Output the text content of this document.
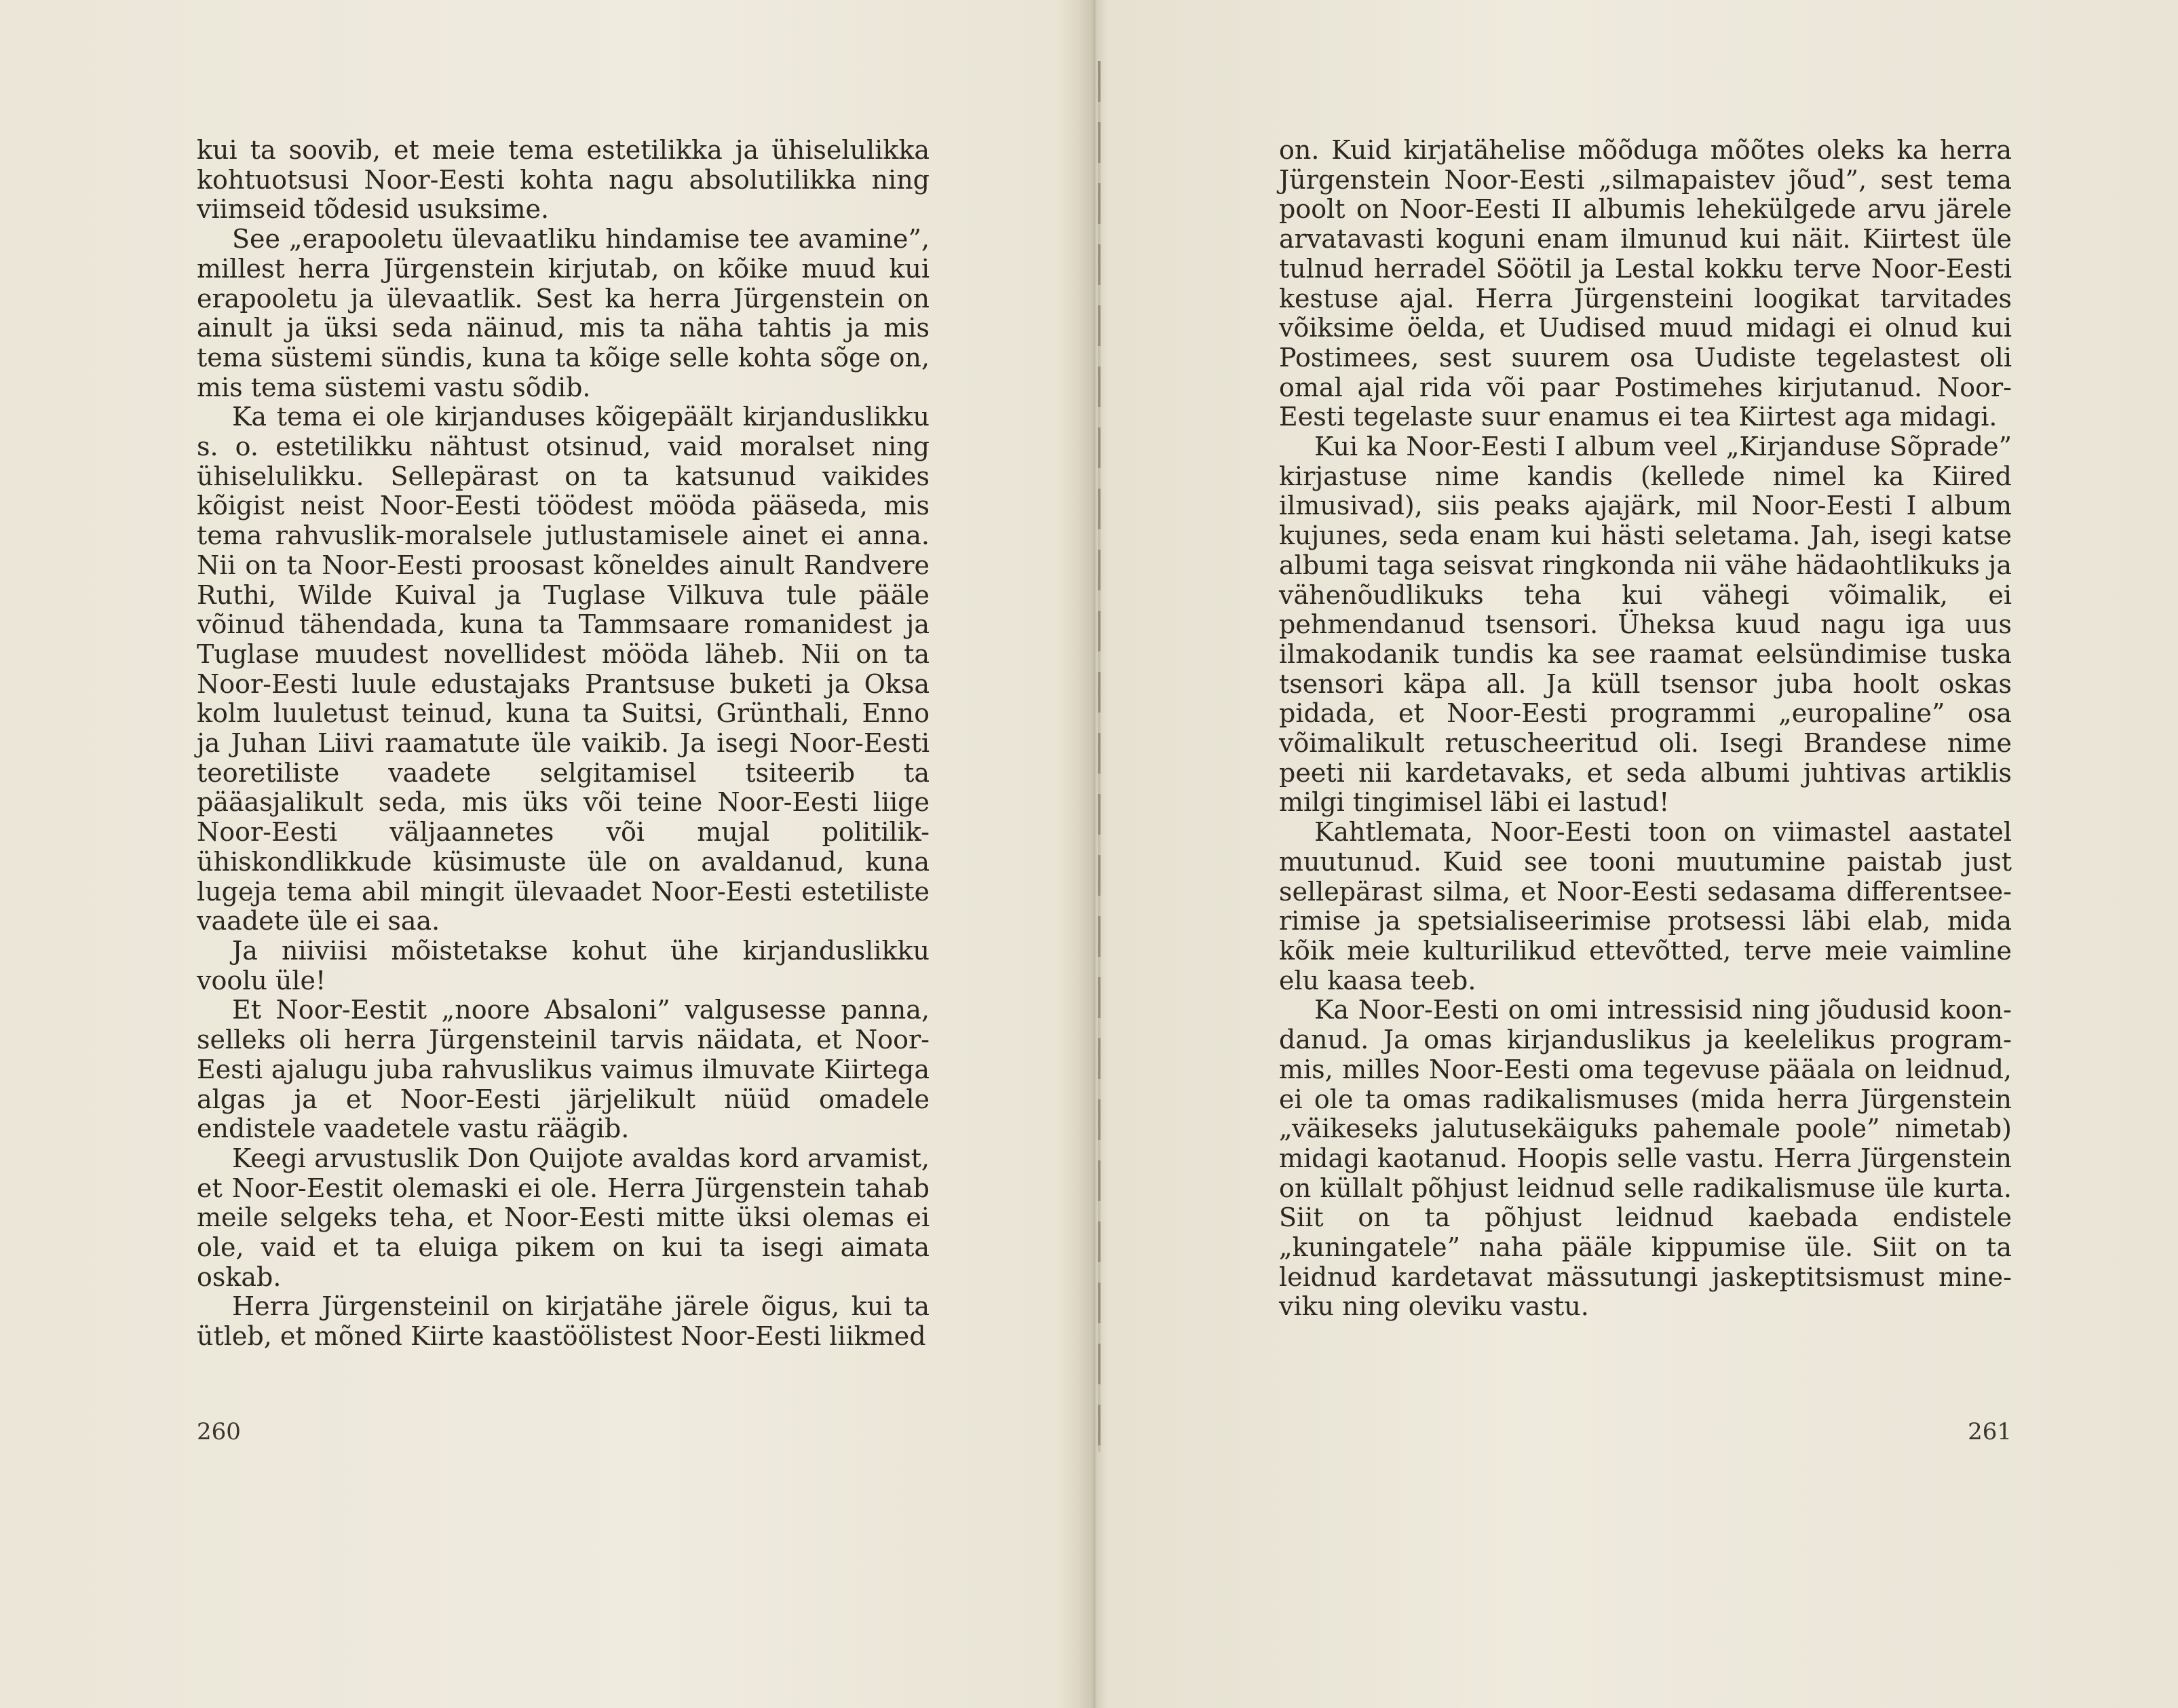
kui ta soovib, et meie tema estetilikka ja ühiseluli​kka kohtuotsusi Noor-Eesti kohta nagu absolutilikka ning viimseid tõdesid usuksime.

See „erapooletu ülevaatliku hindamise tee avamine”, millest herra Jürgenstein kirjutab, on kõike muud kui erapooletu ja ülevaatlik. Sest ka herra Jürgenstein on ainult ja üksi seda näinud, mis ta näha tahtis ja mis tema süstemi sündis, kuna ta kõige selle kohta sõge on, mis tema süstemi vastu sõdib.

Ka tema ei ole kirjanduses kõigepäält kirjanduslikku s. o. estetilikku nähtust otsinud, vaid moralset ning ühiselulikku. Sellepärast on ta katsunud vaikides kõigist neist Noor-Eesti töödest mööda pääseda, mis tema rahvuslik-moralsele jutlustamisele ainet ei anna. Nii on ta Noor-Eesti proosast kõneldes ainult Randvere Ruthi, Wilde Kuival ja Tuglase Vilkuva tule pääle võinud tähendada, kuna ta Tammsaare romanidest ja Tuglase muudest novellidest mööda läheb. Nii on ta Noor-Eesti luule edustajaks Prantsuse buketi ja Oksa kolm luuletust teinud, kuna ta Suitsi, Grünthali, Enno ja Juhan Liivi raamatute üle vaikib. Ja isegi Noor-Eesti teoretiliste vaadete selgitamisel tsiteerib ta pääasjalikult seda, mis üks või teine Noor-Eesti liige Noor-Eesti väljaannetes või mujal politilik-ühiskondlikkude küsimuste üle on avaldanud, kuna lugeja tema abil mingit ülevaadet Noor-Eesti estetiliste vaadete üle ei saa.

Ja niiviisi mõistetakse kohut ühe kirjanduslikku voolu üle!

Et Noor-Eestit „noore Absaloni” valgusesse panna, selleks oli herra Jürgensteinil tarvis näidata, et Noor-Eesti ajalugu juba rahvuslikus vaimus ilmuvate Kiirtega algas ja et Noor-Eesti järjelikult nüüd omadele endistele vaadetele vastu räägib.

Keegi arvustuslik Don Quijote avaldas kord arvamist, et Noor-Eestit olemaski ei ole. Herra Jürgenstein tahab meile selgeks teha, et Noor-Eesti mitte üksi olemas ei ole, vaid et ta eluiga pikem on kui ta isegi aimata oskab.

Herra Jürgensteinil on kirjatähe järele õigus, kui ta ütleb, et mõned Kiirte kaastöölistest Noor-Eesti liikmed

260

on. Kuid kirjatähelise mõõduga mõõtes oleks ka herra Jürgenstein Noor-Eesti „silmapaistev jõud”, sest tema poolt on Noor-Eesti II albumis lehekülgede arvu järele arvatavasti koguni enam ilmunud kui näit. Kiirtest üle tulnud herradel Söötil ja Lestal kokku terve Noor-Eesti kestuse ajal. Herra Jürgensteini loogikat tarvitades võiksime öelda, et Uudised muud midagi ei olnud kui Postimees, sest suurem osa Uudiste tegelastest oli omal ajal rida või paar Postimehes kirjutanud. Noor-Eesti tegelaste suur enamus ei tea Kiirtest aga midagi.

Kui ka Noor-Eesti I album veel „Kirjanduse Sõprade” kirjastuse nime kandis (kellede nimel ka Kiired ilmusivad), siis peaks ajajärk, mil Noor-Eesti I album kujunes, seda enam kui hästi seletama. Jah, isegi katse albumi taga seisvat ringkonda nii vähe hädaohtlikuks ja vähenõudlikuks teha kui vähegi võimalik, ei pehmendanud tsensori. Üheksa kuud nagu iga uus ilmakodanik tundis ka see raamat eelsündimise tuska tsensori käpa all. Ja küll tsensor juba hoolt oskas pidada, et Noor-Eesti programmi „europaline” osa võimalikult retuscheeritud oli. Isegi Brandese nime peeti nii kardetavaks, et seda albumi juhtivas artiklis milgi tingimisel läbi ei lastud!

Kahtlemata, Noor-Eesti toon on viimastel aastatel muutunud. Kuid see tooni muutumine paistab just sellepärast silma, et Noor-Eesti sedasama differentseerimise ja spetsialiseerimise protsessi läbi elab, mida kõik meie kulturilikud ettevõtted, terve meie vaimline elu kaasa teeb.

Ka Noor-Eesti on omi intressisid ning jõudusid koondanud. Ja omas kirjanduslikus ja keelelikus programmis, milles Noor-Eesti oma tegevuse pääala on leidnud, ei ole ta omas radikalismuses (mida herra Jürgenstein „väikeseks jalutusekäiguks pahemale poole” nimetab) midagi kaotanud. Hoopis selle vastu. Herra Jürgenstein on küllalt põhjust leidnud selle radikalismuse üle kurta. Siit on ta põhjust leidnud kaebada endistele „kuningatele” naha pääle kippumise üle. Siit on ta leidnud kardetavat mässutungi jaskeptitsismust mineviku ning oleviku vastu.

261
